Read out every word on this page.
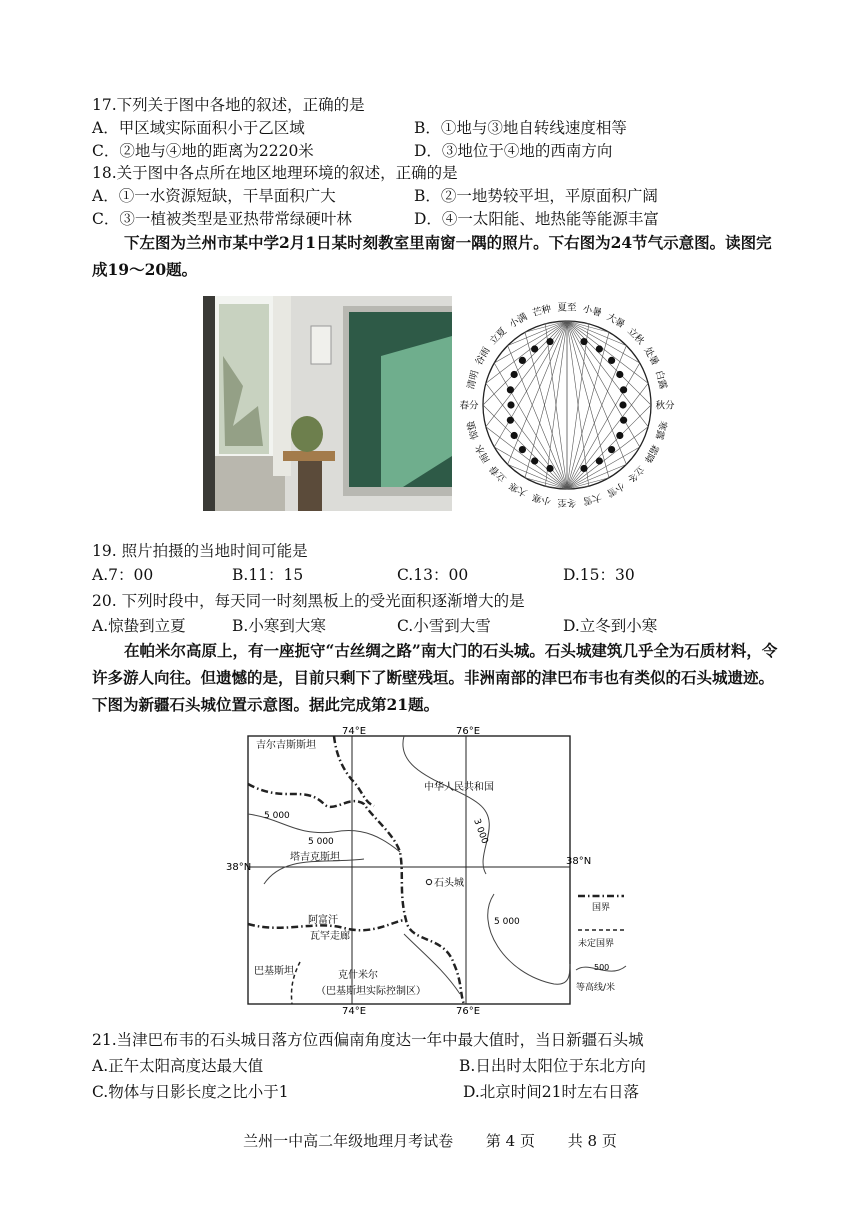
17.下列关于图中各地的叙述，正确的是
A．甲区域实际面积小于乙区域	B．①地与③地自转线速度相等
C．②地与④地的距离为2220米	D．③地位于④地的西南方向
18.关于图中各点所在地区地理环境的叙述，正确的是
A．①一水资源短缺，干旱面积广大	B．②一地势较平坦，平原面积广阔
C．③一植被类型是亚热带常绿硬叶林	D．④一太阳能、地热能等能源丰富
下左图为兰州市某中学2月1日某时刻教室里南窗一隅的照片。下右图为24节气示意图。读图完成19～20题。
夏至 小暑
大暑
立秋
处暑
白露
秋分
寒露
霜降
立冬
小雪
大雪
冬至
小寒
大寒
立春
雨水
惊蛰
春分
清明
谷雨
立夏
小满
芒种
19. 照片拍摄的当地时间可能是
A.7：00	B.11：15	C.13：00	D.15：30
20. 下列时段中，每天同一时刻黑板上的受光面积逐渐增大的是
A.惊蛰到立夏	B.小寒到大寒	C.小雪到大雪	D.立冬到小寒
在帕米尔高原上，有一座扼守“古丝绸之路”南大门的石头城。石头城建筑几乎全为石质材料，令许多游人向往。但遗憾的是，目前只剩下了断壁残垣。非洲南部的津巴布韦也有类似的石头城遗迹。下图为新疆石头城位置示意图。据此完成第21题。
74°E	76°E
74°E	76°E
38°N
38°N
吉尔吉斯斯坦
中华人民共和国
塔吉克斯坦
阿富汗
瓦罕走廊
巴基斯坦	克什米尔
（巴基斯坦实际控制区）
石头城
5 000
5 000
5 000
3 000
国界
未定国界
500
等高线/米
21.当津巴布韦的石头城日落方位西偏南角度达一年中最大值时，当日新疆石头城
A.正午太阳高度达最大值	B.日出时太阳位于东北方向
C.物体与日影长度之比小于1	D.北京时间21时左右日落
兰州一中高二年级地理月考试卷 第 4 页 共 8 页
